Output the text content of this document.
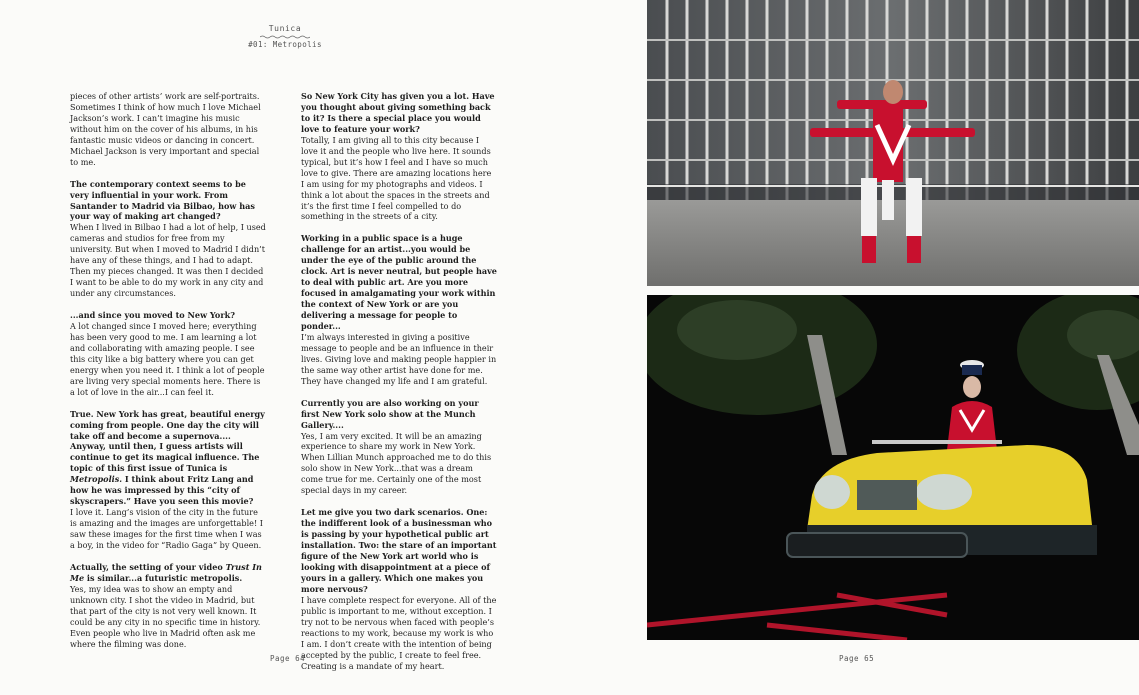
Tunica
#01: Metropolis

pieces of other artists’ work are self-portraits. Sometimes I think of how much I love Michael Jackson’s work. I can’t imagine his music without him on the cover of his albums, in his fantastic music videos or dancing in concert. Michael Jackson is very important and special to me.

The contemporary context seems to be very influential in your work. From Santander to Madrid via Bilbao, how has your way of making art changed?
When I lived in Bilbao I had a lot of help, I used cameras and studios for free from my university. But when I moved to Madrid I didn’t have any of these things, and I had to adapt. Then my pieces changed. It was then I decided I want to be able to do my work in any city and under any circumstances.

...and since you moved to New York?
A lot changed since I moved here; everything has been very good to me. I am learning a lot and collaborating with amazing people. I see this city like a big battery where you can get energy when you need it. I think a lot of people are living very special moments here. There is a lot of love in the air...I can feel it.

True. New York has great, beautiful energy coming from people. One day the city will take off and become a supernova.... Anyway, until then, I guess artists will continue to get its magical influence. The topic of this first issue of Tunica is Metropolis. I think about Fritz Lang and how he was impressed by this “city of skyscrapers.” Have you seen this movie?
I love it. Lang’s vision of the city in the future is amazing and the images are unforgettable! I saw these images for the first time when I was a boy, in the video for “Radio Gaga” by Queen.

Actually, the setting of your video Trust In Me is similar...a futuristic metropolis.
Yes, my idea was to show an empty and unknown city. I shot the video in Madrid, but that part of the city is not very well known. It could be any city in no specific time in history. Even people who live in Madrid often ask me where the filming was done.

So New York City has given you a lot. Have you thought about giving something back to it? Is there a special place you would love to feature your work?
Totally, I am giving all to this city because I love it and the people who live here. It sounds typical, but it’s how I feel and I have so much love to give. There are amazing locations here I am using for my photographs and videos. I think a lot about the spaces in the streets and it’s the first time I feel compelled to do something in the streets of a city.

Working in a public space is a huge challenge for an artist...you would be under the eye of the public around the clock. Art is never neutral, but people have to deal with public art. Are you more focused in amalgamating your work within the context of New York or are you delivering a message for people to ponder...
I’m always interested in giving a positive message to people and be an influence in their lives. Giving love and making people happier in the same way other artist have done for me. They have changed my life and I am grateful.

Currently you are also working on your first New York solo show at the Munch Gallery....
Yes, I am very excited. It will be an amazing experience to share my work in New York. When Lillian Munch approached me to do this solo show in New York...that was a dream come true for me. Certainly one of the most special days in my career.

Let me give you two dark scenarios. One: the indifferent look of a businessman who is passing by your hypothetical public art installation. Two: the stare of an important figure of the New York art world who is looking with disappointment at a piece of yours in a gallery. Which one makes you more nervous?
I have complete respect for everyone. All of the public is important to me, without exception. I try not to be nervous when faced with people’s reactions to my work, because my work is who I am. I don’t create with the intention of being accepted by the public, I create to feel free. Creating is a mandate of my heart.

Page 64	Page 65
